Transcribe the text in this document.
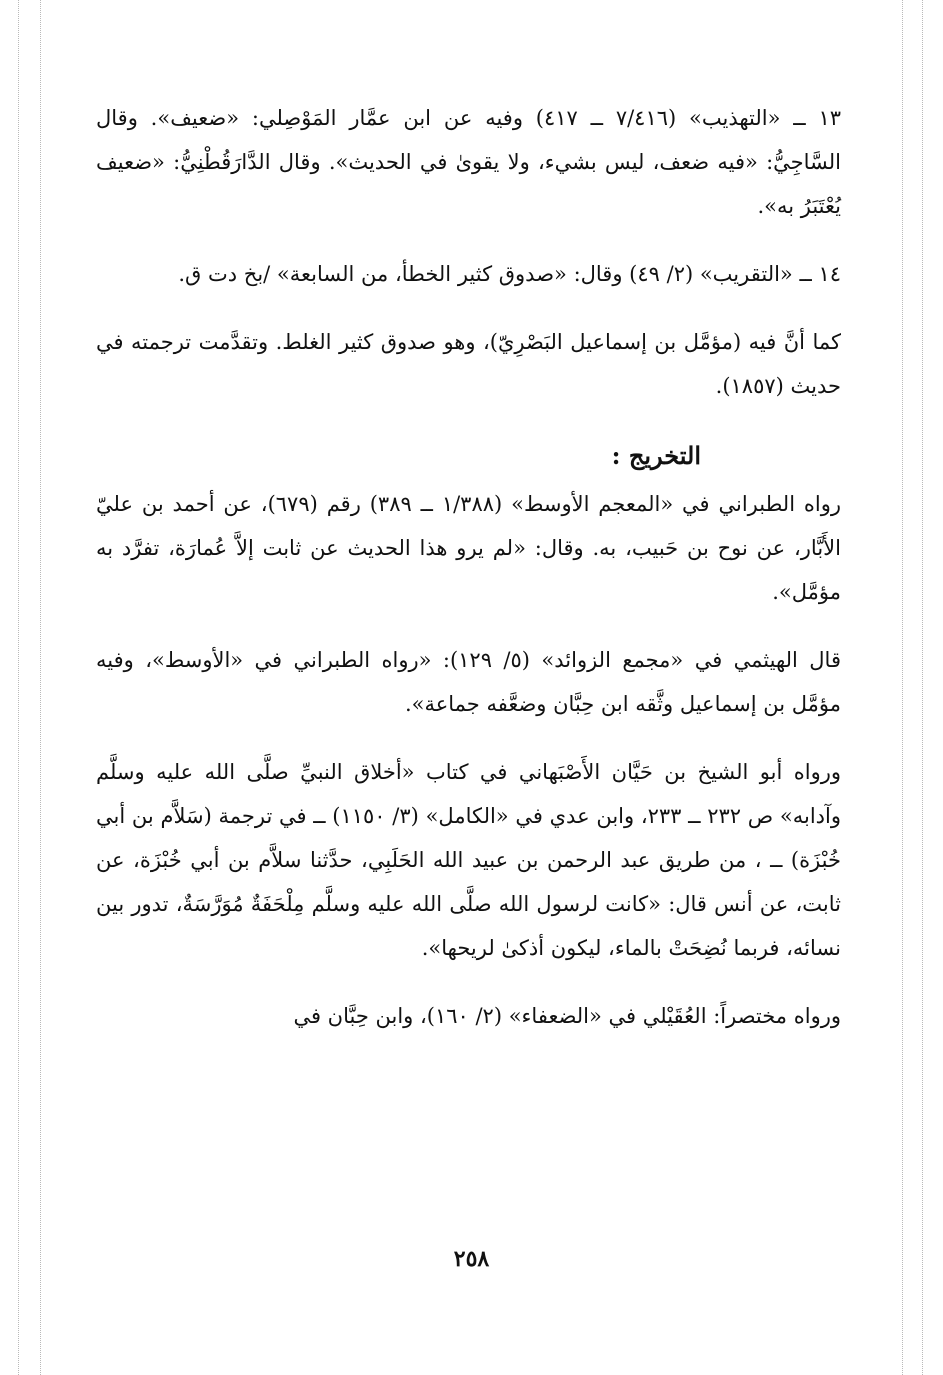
١٣ ــ «التهذيب» (٧/٤١٦ ــ ٤١٧) وفيه عن ابن عمَّار المَوْصِلي: «ضعيف». وقال السَّاجِيُّ: «فيه ضعف، ليس بشيء، ولا يقوىٰ في الحديث». وقال الدَّارَقُطْنِيُّ: «ضعيف يُعْتَبَرُ به».

١٤ ــ «التقريب» (٢/ ٤٩) وقال: «صدوق كثير الخطأ، من السابعة» /بخ دت ق.

كما أنَّ فيه (مؤمَّل بن إسماعيل البَصْرِيّ)، وهو صدوق كثير الغلط. وتقدَّمت ترجمته في حديث (١٨٥٧).

التخريج :

رواه الطبراني في «المعجم الأوسط» (١/٣٨٨ ــ ٣٨٩) رقم (٦٧٩)، عن أحمد بن عليّ الأَبَّار، عن نوح بن حَبيب، به. وقال: «لم يرو هذا الحديث عن ثابت إلاَّ عُمارَة، تفرَّد به مؤمَّل».

قال الهيثمي في «مجمع الزوائد» (٥/ ١٢٩): «رواه الطبراني في «الأوسط»، وفيه مؤمَّل بن إسماعيل وثَّقه ابن حِبَّان وضعَّفه جماعة».

ورواه أبو الشيخ بن حَيَّان الأَصْبَهاني في كتاب «أخلاق النبيِّ صلَّى الله عليه وسلَّم وآدابه» ص ٢٣٢ ــ ٢٣٣، وابن عدي في «الكامل» (٣/ ١١٥٠) ــ في ترجمة (سَلاَّم بن أبي خُبْزَة) ــ ، من طريق عبد الرحمن بن عبيد الله الحَلَبِي، حدَّثنا سلاَّم بن أبي خُبْزَة، عن ثابت، عن أنس قال: «كانت لرسول الله صلَّى الله عليه وسلَّم مِلْحَفَةٌ مُوَرَّسَةٌ، تدور بين نسائه، فربما نُضِحَتْ بالماء، ليكون أذكىٰ لريحها».

ورواه مختصراً: العُقَيْلي في «الضعفاء» (٢/ ١٦٠)، وابن حِبَّان في

٢٥٨
